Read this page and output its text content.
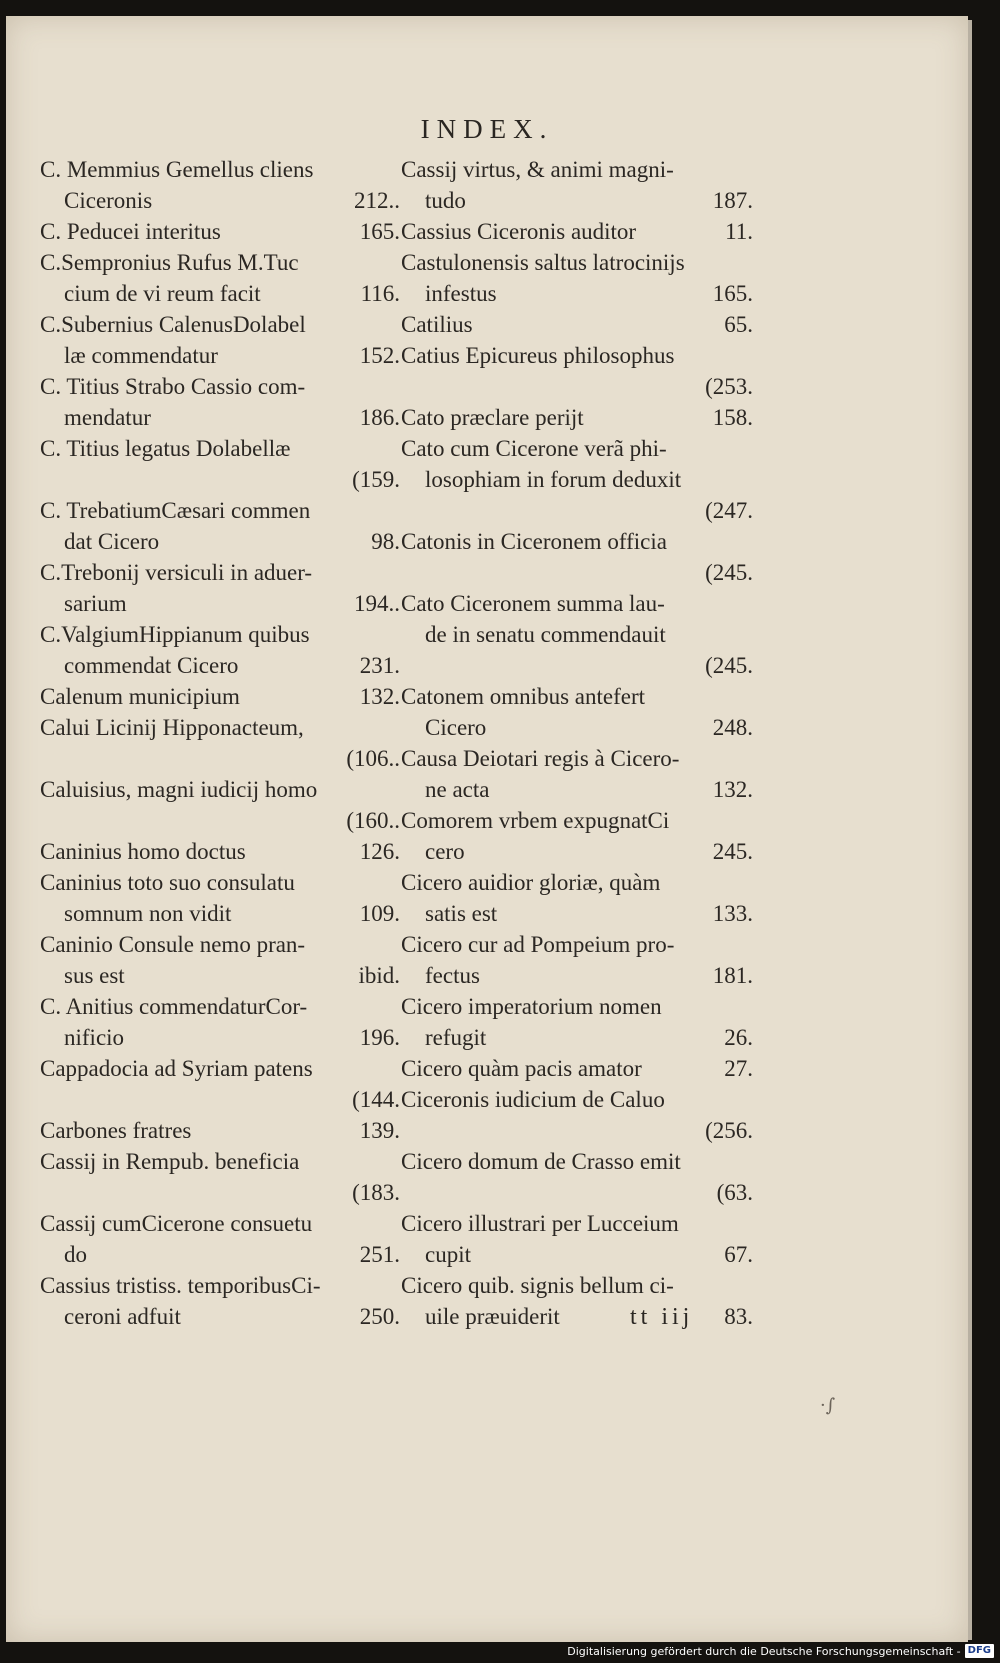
INDEX.
C. Memmius Gemellus cliens
Ciceronis	212..
C. Peducei interitus	165.
C.Sempronius Rufus M.Tuc
cium de vi reum facit	116.
C.Subernius CalenusDolabel
læ commendatur	152.
C. Titius Strabo Cassio com-
mendatur	186.
C. Titius legatus Dolabellæ
(159.
C. TrebatiumCæsari commen
dat Cicero	98.
C.Trebonij versiculi in aduer-
sarium	194..
C.ValgiumHippianum quibus
commendat Cicero	231.
Calenum municipium	132.
Calui Licinij Hipponacteum,
(106..
Caluisius, magni iudicij homo
(160..
Caninius homo doctus	126.
Caninius toto suo consulatu
somnum non vidit	109.
Caninio Consule nemo pran-
sus est	ibid.
C. Anitius commendaturCor-
nificio	196.
Cappadocia ad Syriam patens
(144.
Carbones fratres	139.
Cassij in Rempub. beneficia
(183.
Cassij cumCicerone consuetu
do	251.
Cassius tristiss. temporibusCi-
ceroni adfuit	250.
Cassij virtus, & animi magni-
tudo	187.
Cassius Ciceronis auditor	11.
Castulonensis saltus latrocinijs
infestus	165.
Catilius	65.
Catius Epicureus philosophus
(253.
Cato præclare perijt	158.
Cato cum Cicerone verã phi-
losophiam in forum deduxit
(247.
Catonis in Ciceronem officia
(245.
Cato Ciceronem summa lau-
de in senatu commendauit
(245.
Catonem omnibus antefert
Cicero	248.
Causa Deiotari regis à Cicero-
ne acta	132.
Comorem vrbem expugnatCi
cero	245.
Cicero auidior gloriæ, quàm
satis est	133.
Cicero cur ad Pompeium pro-
fectus	181.
Cicero imperatorium nomen
refugit	26.
Cicero quàm pacis amator	27.
Ciceronis iudicium de Caluo
(256.
Cicero domum de Crasso emit
(63.
Cicero illustrari per Lucceium
cupit	67.
Cicero quib. signis bellum ci-
uile præuiderit	83.
tt iij
·∫
Digitalisierung gefördert durch die Deutsche Forschungsgemeinschaft - DFG
